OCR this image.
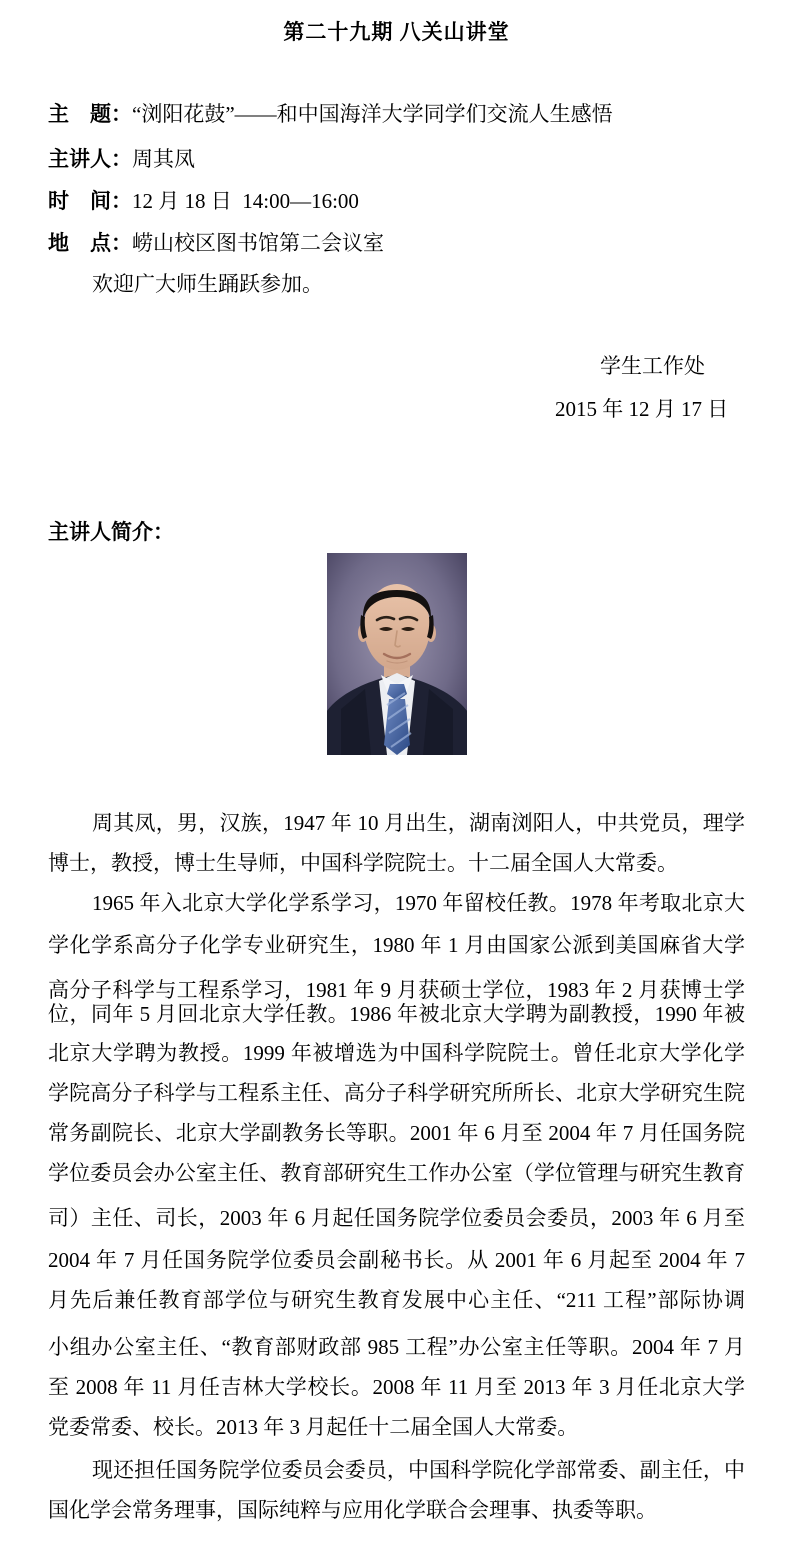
第二十九期 八关山讲堂
主　题：“浏阳花鼓”——和中国海洋大学同学们交流人生感悟
主讲人：周其凤
时　间：12 月 18 日  14:00—16:00
地　点：崂山校区图书馆第二会议室
欢迎广大师生踊跃参加。
学生工作处
2015 年 12 月 17 日
主讲人简介：
周其凤，男，汉族，1947 年 10 月出生，湖南浏阳人，中共党员，理学
博士，教授，博士生导师，中国科学院院士。十二届全国人大常委。
1965 年入北京大学化学系学习，1970 年留校任教。1978 年考取北京大
学化学系高分子化学专业研究生，1980 年 1 月由国家公派到美国麻省大学
高分子科学与工程系学习，1981 年 9 月获硕士学位，1983 年 2 月获博士学
位，同年 5 月回北京大学任教。1986 年被北京大学聘为副教授，1990 年被
北京大学聘为教授。1999 年被增选为中国科学院院士。曾任北京大学化学
学院高分子科学与工程系主任、高分子科学研究所所长、北京大学研究生院
常务副院长、北京大学副教务长等职。2001 年 6 月至 2004 年 7 月任国务院
学位委员会办公室主任、教育部研究生工作办公室（学位管理与研究生教育
司）主任、司长，2003 年 6 月起任国务院学位委员会委员，2003 年 6 月至
2004 年 7 月任国务院学位委员会副秘书长。从 2001 年 6 月起至 2004 年 7
月先后兼任教育部学位与研究生教育发展中心主任、“211 工程”部际协调
小组办公室主任、“教育部财政部 985 工程”办公室主任等职。2004 年 7 月
至 2008 年 11 月任吉林大学校长。2008 年 11 月至 2013 年 3 月任北京大学
党委常委、校长。2013 年 3 月起任十二届全国人大常委。
现还担任国务院学位委员会委员，中国科学院化学部常委、副主任，中
国化学会常务理事，国际纯粹与应用化学联合会理事、执委等职。
